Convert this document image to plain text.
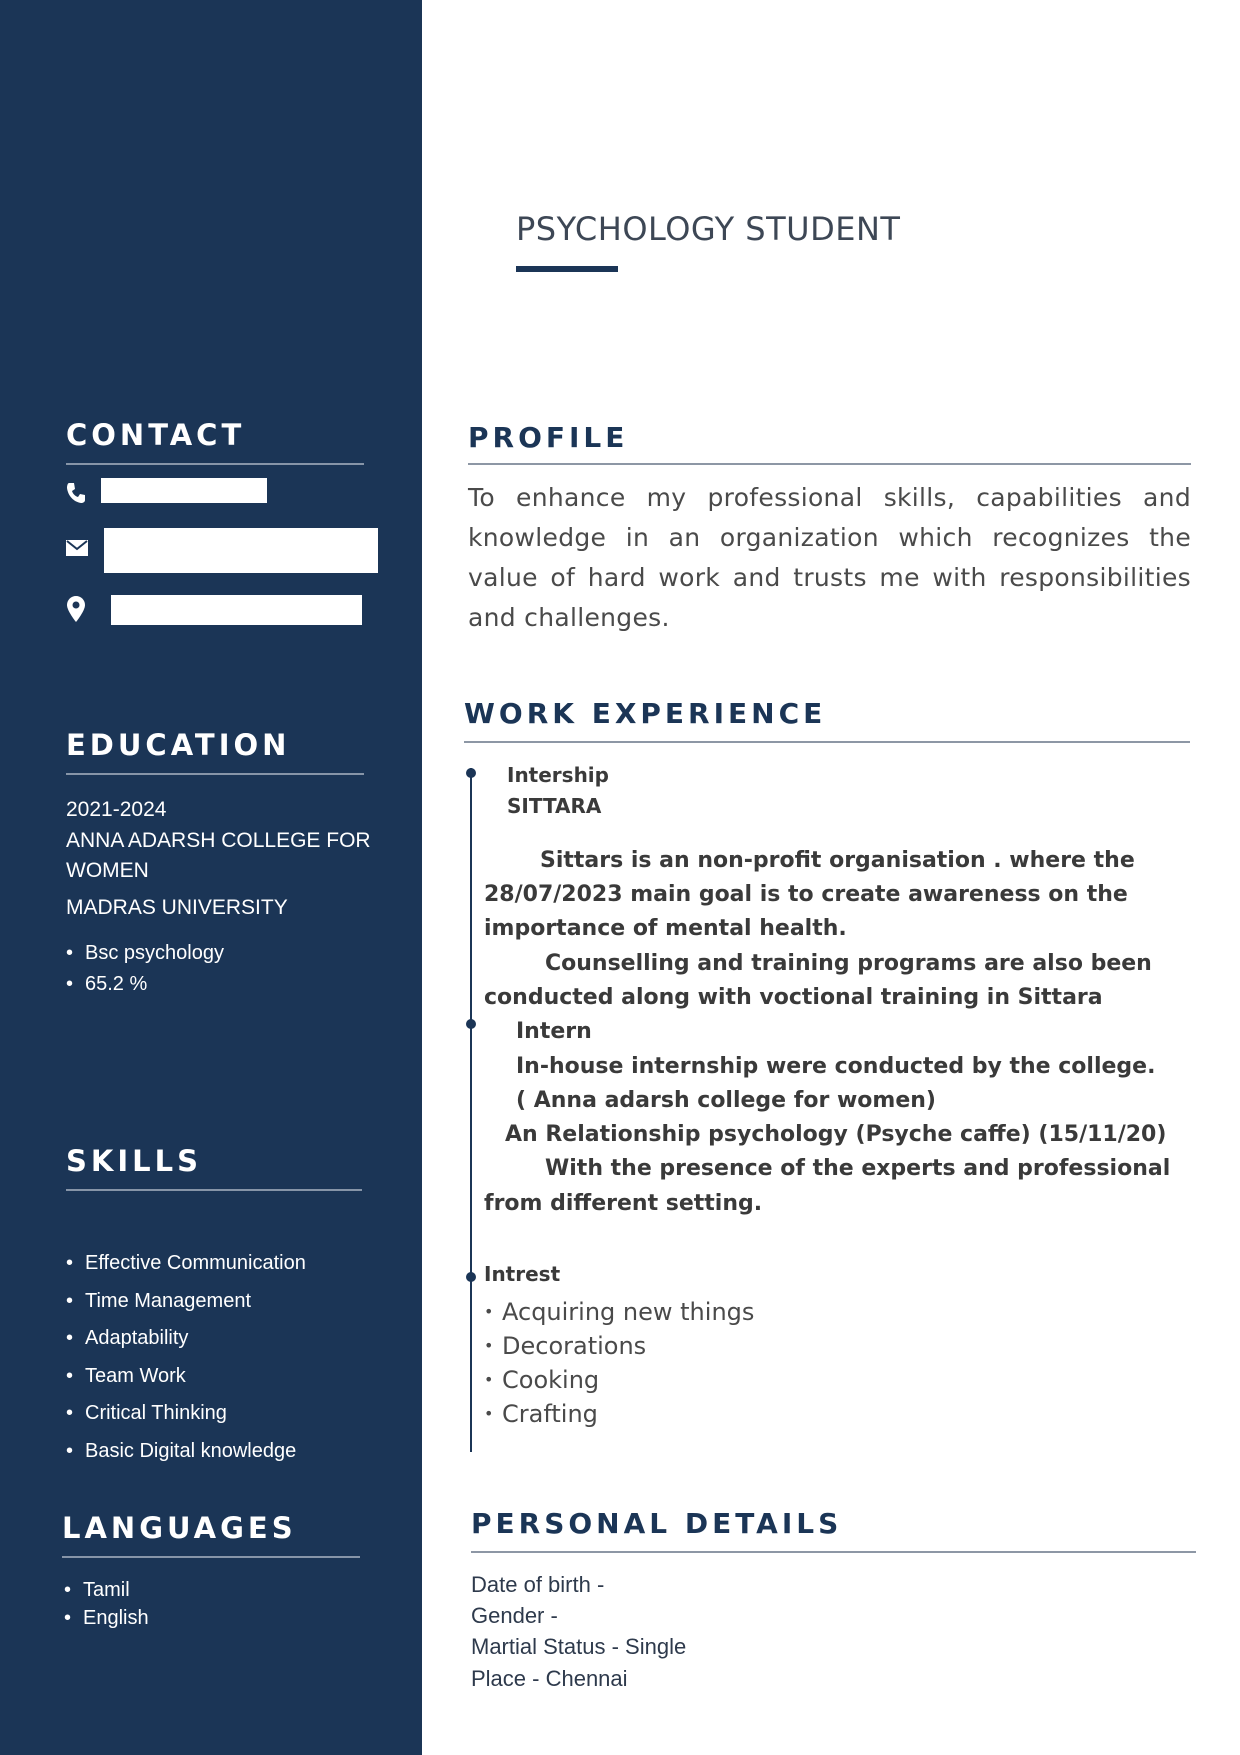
CONTACT
EDUCATION

2021-2024

ANNA ADARSH COLLEGE FOR

WOMEN

MADRAS UNIVERSITY

• Bsc psychology
• 65.2 %
SKILLS
• Effective Communication
• Time Management
• Adaptability
• Team Work
• Critical Thinking
• Basic Digital knowledge
LANGUAGES
• Tamil
• English
PSYCHOLOGY STUDENT
PROFILE

To enhance my professional skills, capabilities and knowledge in an organization which recognizes the value of hard work and trusts me with responsibilities and challenges.

WORK EXPERIENCE

Intership

SITTARA

Sittars is an non-profit organisation . where the

28/07/2023 main goal is to create awareness on the

importance of mental health.

Counselling and training programs are also been

conducted along with voctional training in Sittara

Intern

In-house internship were conducted by the college.

( Anna adarsh college for women)

An Relationship psychology (Psyche caffe) (15/11/20)

With the presence of the experts and professional

from different setting.

Intrest

• Acquiring new things
• Decorations
• Cooking
• Crafting
PERSONAL DETAILS

Date of birth -

Gender -

Martial Status - Single

Place - Chennai
